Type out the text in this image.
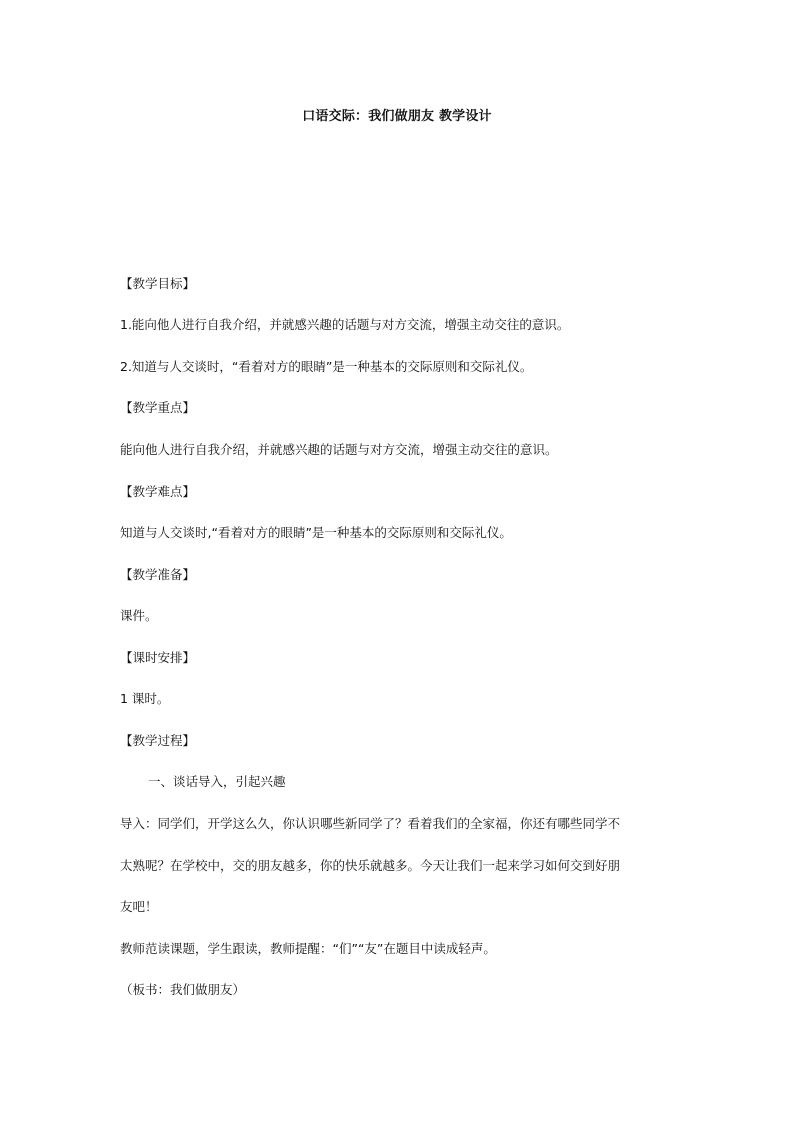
口语交际：我们做朋友 教学设计
【教学目标】
1.能向他人进行自我介绍，并就感兴趣的话题与对方交流，增强主动交往的意识。
2.知道与人交谈时，“看着对方的眼睛”是一种基本的交际原则和交际礼仪。
【教学重点】
能向他人进行自我介绍，并就感兴趣的话题与对方交流，增强主动交往的意识。
【教学难点】
知道与人交谈时,“看着对方的眼睛”是一种基本的交际原则和交际礼仪。
【教学准备】
课件。
【课时安排】
1 课时。
【教学过程】
一、谈话导入，引起兴趣
导入：同学们，开学这么久，你认识哪些新同学了？看着我们的全家福，你还有哪些同学不
太熟呢？在学校中，交的朋友越多，你的快乐就越多。今天让我们一起来学习如何交到好朋
友吧！
教师范读课题，学生跟读，教师提醒：“们”“友”在题目中读成轻声。
（板书：我们做朋友）
